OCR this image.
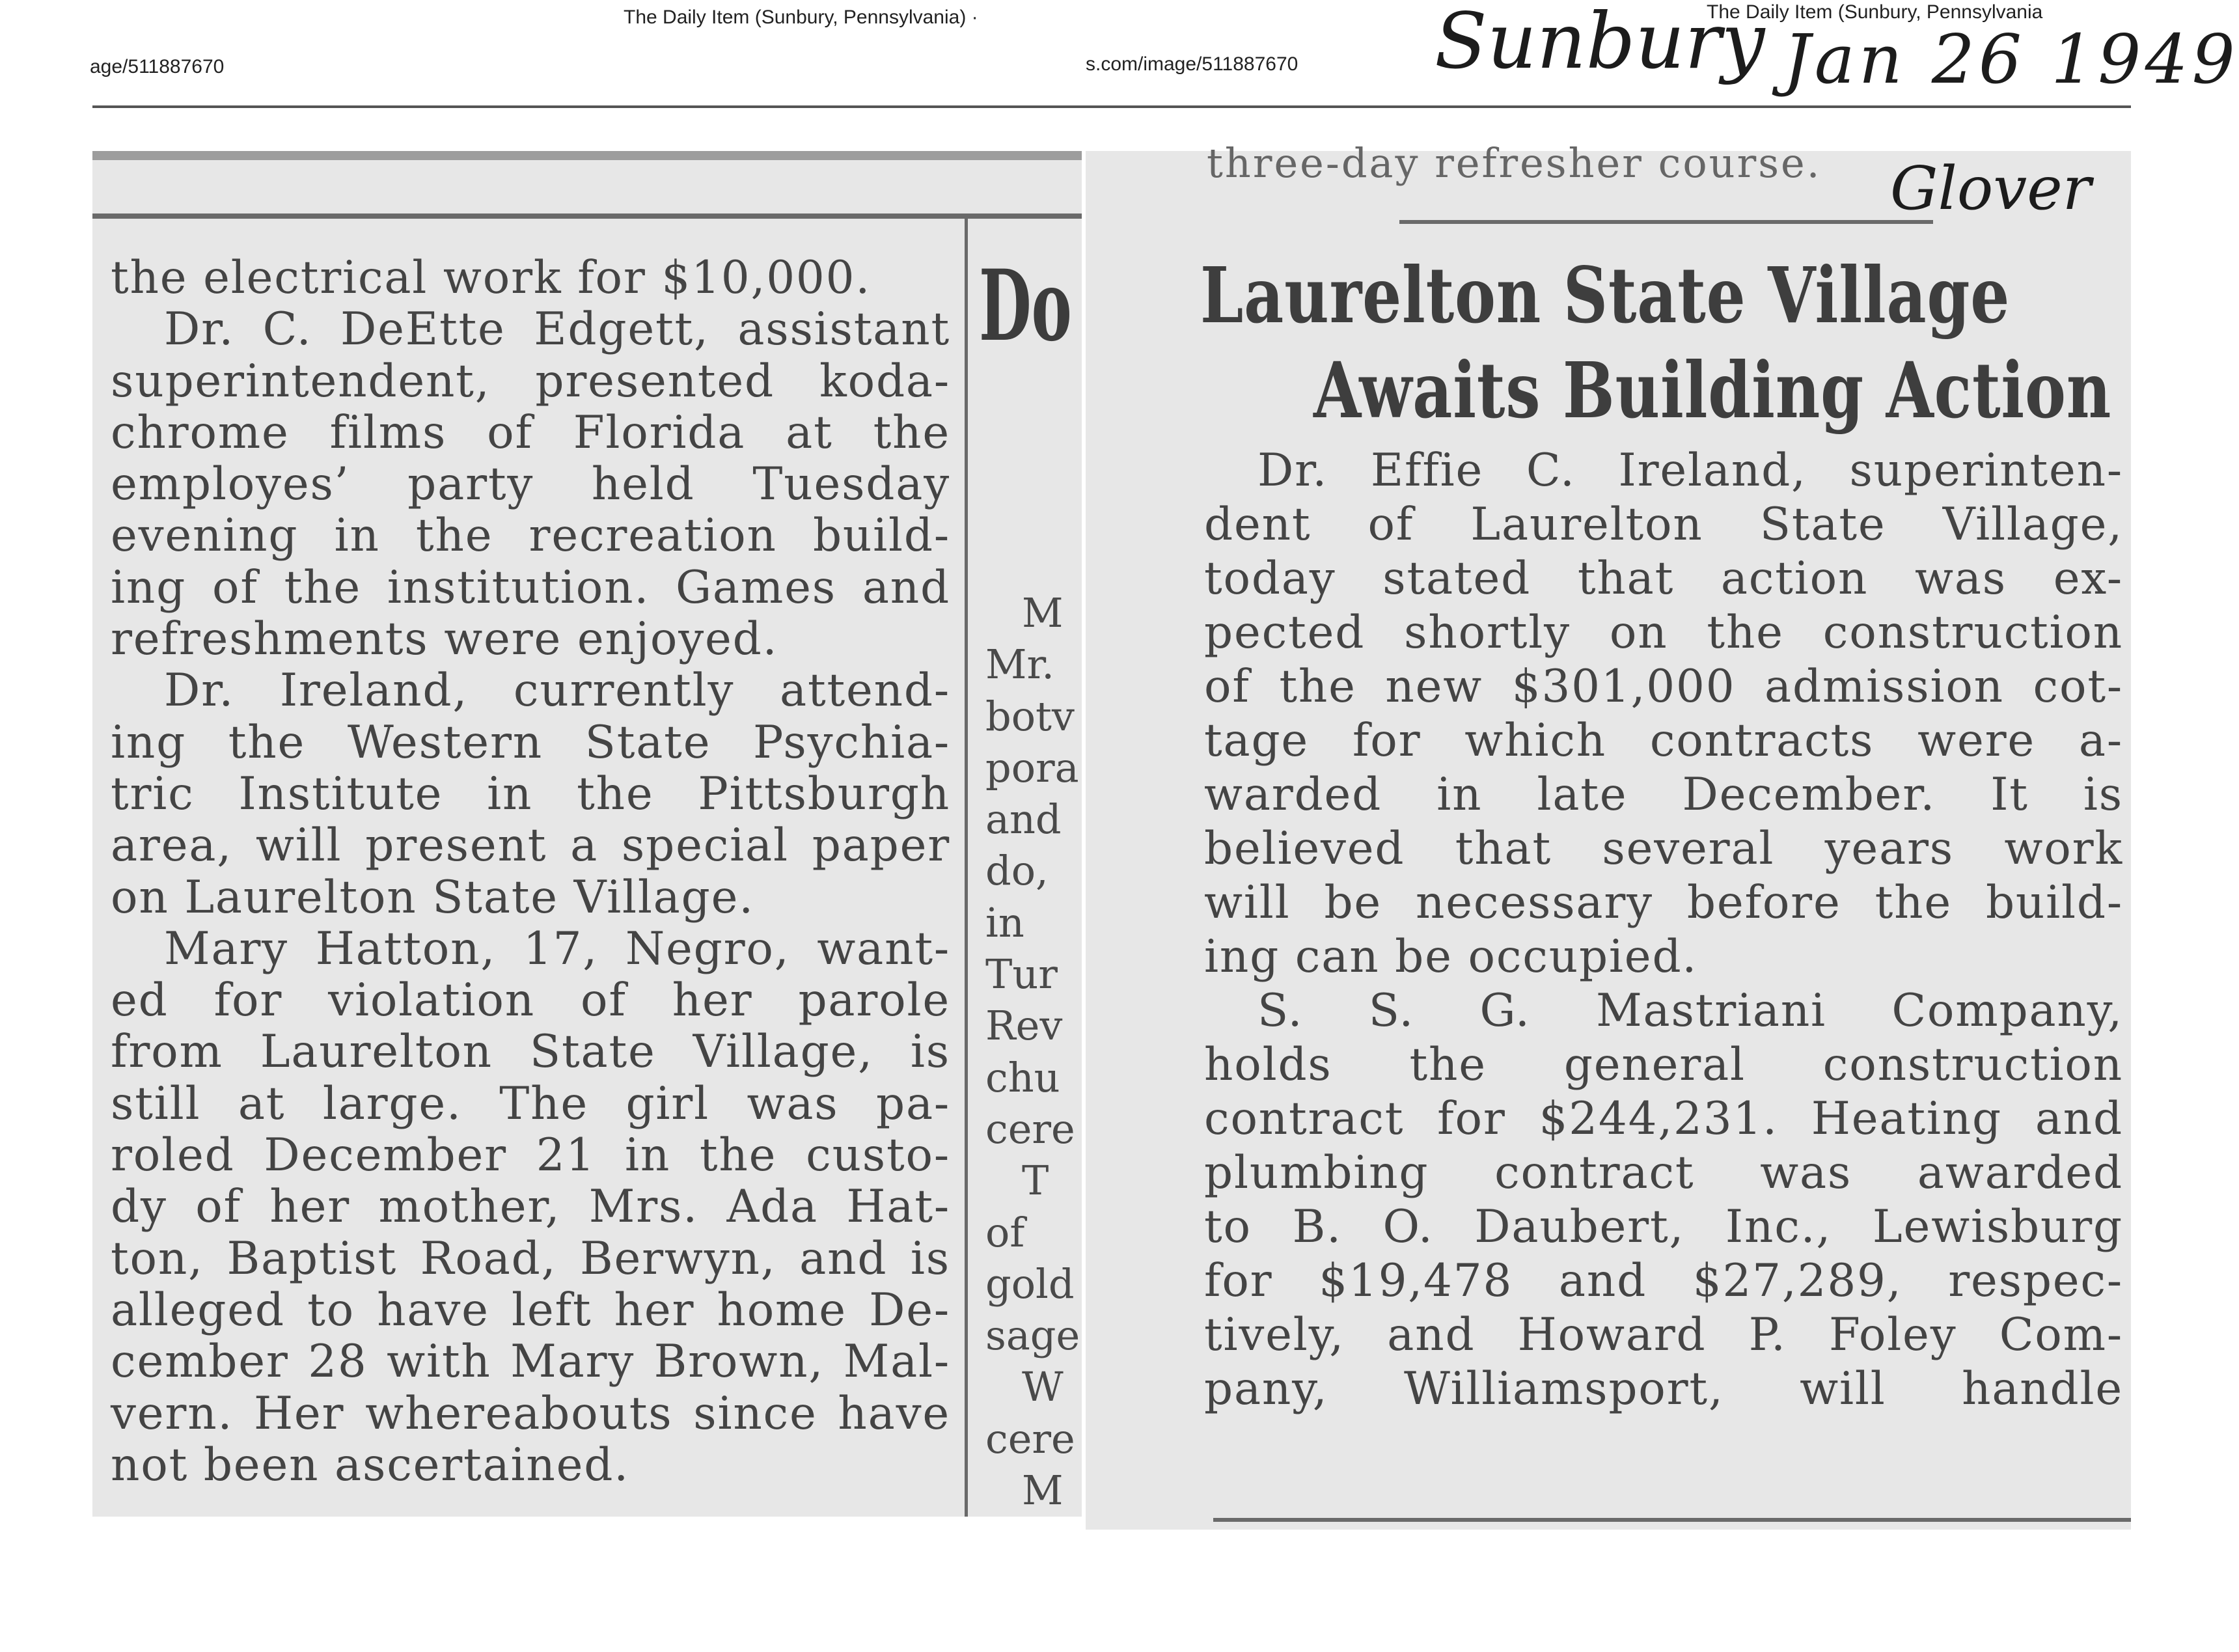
The Daily Item (Sunbury, Pennsylvania) ·
age/511887670	s.com/image/511887670
The Daily Item (Sunbury, Pennsylvania
Sunbury Jan 26 1949
the electrical work for $10,000.
Dr. C. DeEtte Edgett, assistant
superintendent, presented koda-
chrome films of Florida at the
employes’ party held Tuesday
evening in the recreation build-
ing of the institution. Games and
refreshments were enjoyed.
Dr. Ireland, currently attend-
ing the Western State Psychia-
tric Institute in the Pittsburgh
area, will present a special paper
on Laurelton State Village.
Mary Hatton, 17, Negro, want-
ed for violation of her parole
from Laurelton State Village, is
still at large. The girl was pa-
roled December 21 in the custo-
dy of her mother, Mrs. Ada Hat-
ton, Baptist Road, Berwyn, and is
alleged to have left her home De-
cember 28 with Mary Brown, Mal-
vern. Her whereabouts since have
not been ascertained.
Do
M
Mr.
botv
pora
and
do,
in
Tur
Rev
chu
cere
T
of
gold
sage
W
cere
M
three-day refresher course.
Laurelton State Village
Awaits Building Action
Dr. Effie C. Ireland, superinten-
dent of Laurelton State Village,
today stated that action was ex-
pected shortly on the construction
of the new $301,000 admission cot-
tage for which contracts were a-
warded in late December. It is
believed that several years work
will be necessary before the build-
ing can be occupied.
S. S. G. Mastriani Company,
holds the general construction
contract for $244,231. Heating and
plumbing contract was awarded
to B. O. Daubert, Inc., Lewisburg
for $19,478 and $27,289, respec-
tively, and Howard P. Foley Com-
pany, Williamsport, will handle
Glover
